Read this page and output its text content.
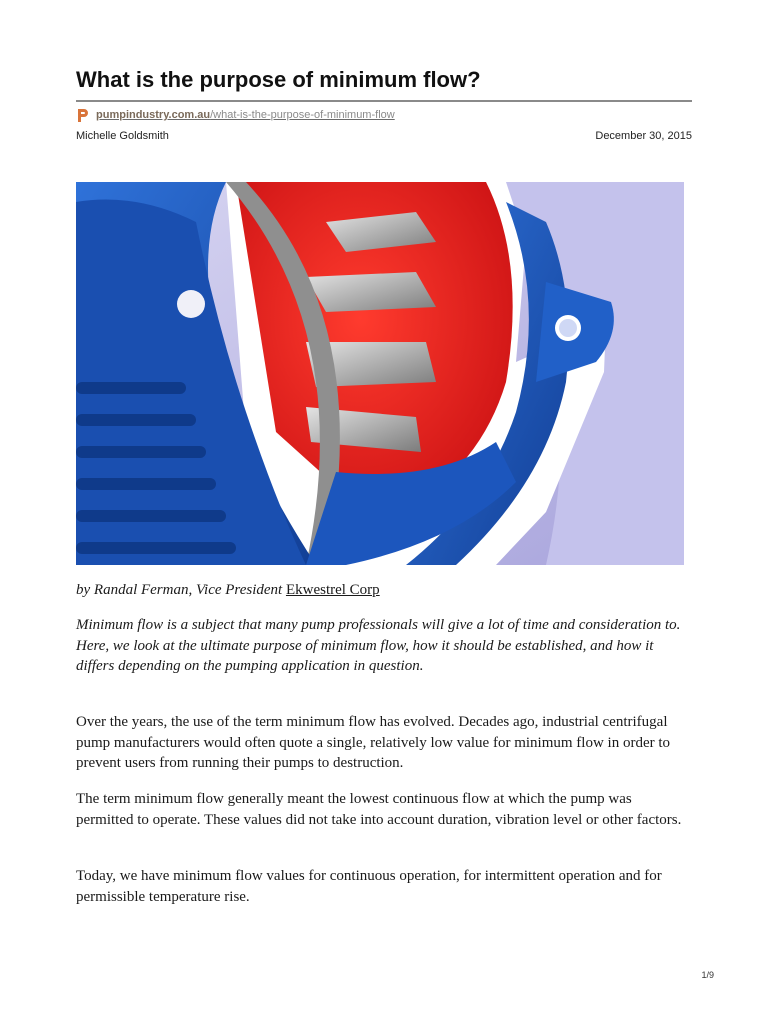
What is the purpose of minimum flow?
pumpindustry.com.au/what-is-the-purpose-of-minimum-flow
Michelle Goldsmith	December 30, 2015
by Randal Ferman, Vice President Ekwestrel Corp

Minimum flow is a subject that many pump professionals will give a lot of time and consideration to. Here, we look at the ultimate purpose of minimum flow, how it should be established, and how it differs depending on the pumping application in question.

Over the years, the use of the term minimum flow has evolved. Decades ago, industrial centrifugal pump manufacturers would often quote a single, relatively low value for minimum flow in order to prevent users from running their pumps to destruction.

The term minimum flow generally meant the lowest continuous flow at which the pump was permitted to operate. These values did not take into account duration, vibration level or other factors.

Today, we have minimum flow values for continuous operation, for intermittent operation and for permissible temperature rise.

1/9
